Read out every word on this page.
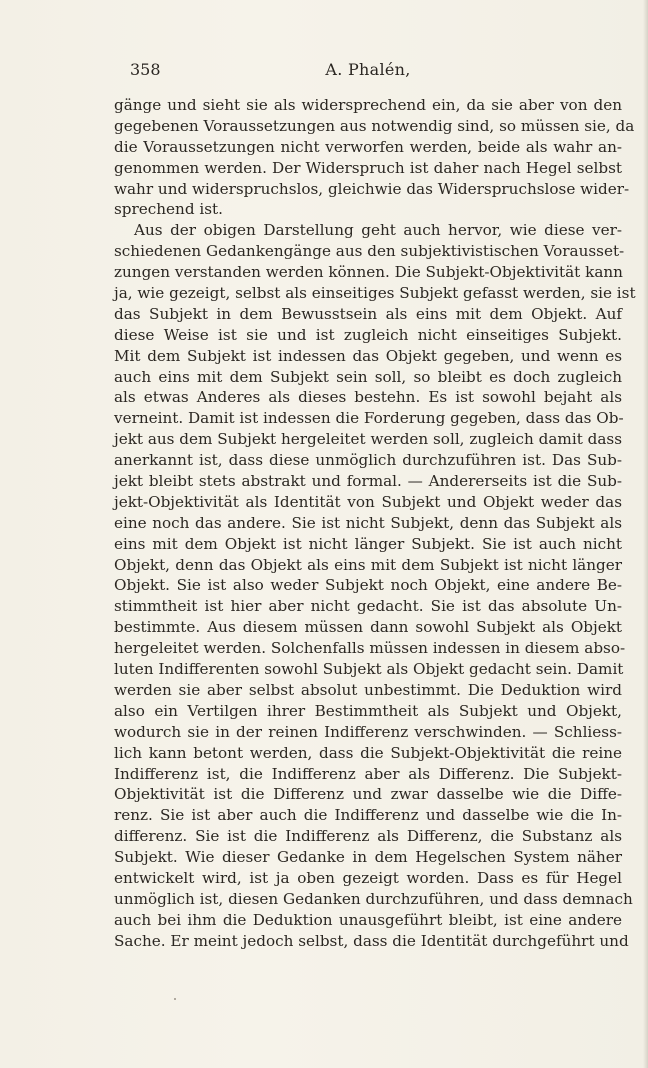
358	A. Phalén,
gänge und sieht sie als widersprechend ein, da sie aber von den
gegebenen Voraussetzungen aus notwendig sind, so müssen sie, da
die Voraussetzungen nicht verworfen werden, beide als wahr an-
genommen werden. Der Widerspruch ist daher nach Hegel selbst
wahr und widerspruchslos, gleichwie das Widerspruchslose wider-
sprechend ist.
Aus der obigen Darstellung geht auch hervor, wie diese ver-
schiedenen Gedankengänge aus den subjektivistischen Vorausset-
zungen verstanden werden können. Die Subjekt-Objektivität kann
ja, wie gezeigt, selbst als einseitiges Subjekt gefasst werden, sie ist
das Subjekt in dem Bewusstsein als eins mit dem Objekt. Auf
diese Weise ist sie und ist zugleich nicht einseitiges Subjekt.
Mit dem Subjekt ist indessen das Objekt gegeben, und wenn es
auch eins mit dem Subjekt sein soll, so bleibt es doch zugleich
als etwas Anderes als dieses bestehn. Es ist sowohl bejaht als
verneint. Damit ist indessen die Forderung gegeben, dass das Ob-
jekt aus dem Subjekt hergeleitet werden soll, zugleich damit dass
anerkannt ist, dass diese unmöglich durchzuführen ist. Das Sub-
jekt bleibt stets abstrakt und formal. — Andererseits ist die Sub-
jekt-Objektivität als Identität von Subjekt und Objekt weder das
eine noch das andere. Sie ist nicht Subjekt, denn das Subjekt als
eins mit dem Objekt ist nicht länger Subjekt. Sie ist auch nicht
Objekt, denn das Objekt als eins mit dem Subjekt ist nicht länger
Objekt. Sie ist also weder Subjekt noch Objekt, eine andere Be-
stimmtheit ist hier aber nicht gedacht. Sie ist das absolute Un-
bestimmte. Aus diesem müssen dann sowohl Subjekt als Objekt
hergeleitet werden. Solchenfalls müssen indessen in diesem abso-
luten Indifferenten sowohl Subjekt als Objekt gedacht sein. Damit
werden sie aber selbst absolut unbestimmt. Die Deduktion wird
also ein Vertilgen ihrer Bestimmtheit als Subjekt und Objekt,
wodurch sie in der reinen Indifferenz verschwinden. — Schliess-
lich kann betont werden, dass die Subjekt-Objektivität die reine
Indifferenz ist, die Indifferenz aber als Differenz. Die Subjekt-
Objektivität ist die Differenz und zwar dasselbe wie die Diffe-
renz. Sie ist aber auch die Indifferenz und dasselbe wie die In-
differenz. Sie ist die Indifferenz als Differenz, die Substanz als
Subjekt. Wie dieser Gedanke in dem Hegelschen System näher
entwickelt wird, ist ja oben gezeigt worden. Dass es für Hegel
unmöglich ist, diesen Gedanken durchzuführen, und dass demnach
auch bei ihm die Deduktion unausgeführt bleibt, ist eine andere
Sache. Er meint jedoch selbst, dass die Identität durchgeführt und
